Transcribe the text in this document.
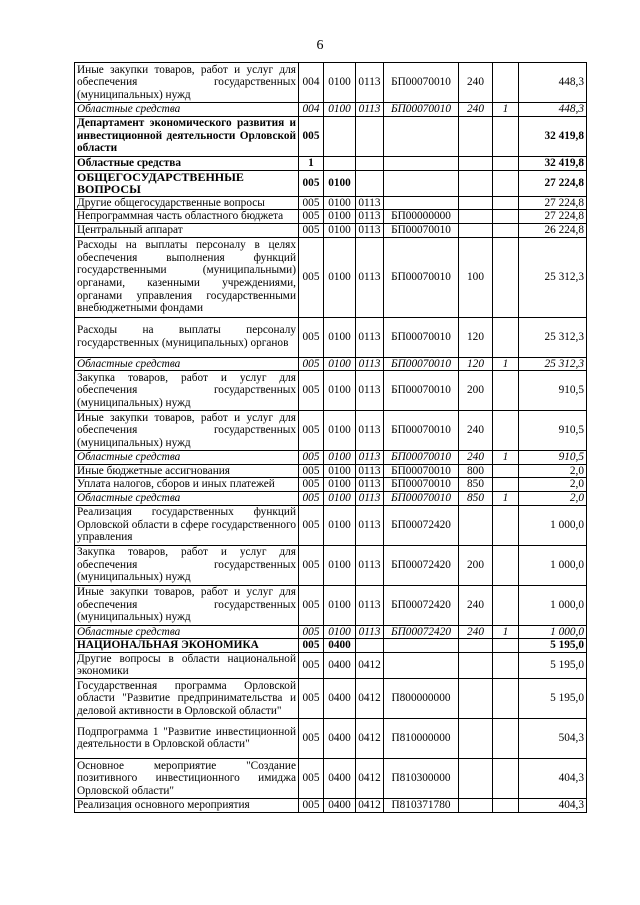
6
Иные закупки товаров, работ и услуг для обеспечения государственных (муниципальных) нужд	004	0100	0113	БП00070010	240		448,3
Областные средства	004	0100	0113	БП00070010	240	1	448,3
Департамент экономического развития и инвестиционной деятельности Орловской области	005						32 419,8
Областные средства	1						32 419,8
ОБЩЕГОСУДАРСТВЕННЫЕ ВОПРОСЫ	005	0100					27 224,8
Другие общегосударственные вопросы	005	0100	0113				27 224,8
Непрограммная часть областного бюджета	005	0100	0113	БП00000000			27 224,8
Центральный аппарат	005	0100	0113	БП00070010			26 224,8
Расходы на выплаты персоналу в целях обеспечения выполнения функций государственными (муниципальными) органами, казенными учреждениями, органами управления государственными внебюджетными фондами	005	0100	0113	БП00070010	100		25 312,3
Расходы на выплаты персоналу государственных (муниципальных) органов	005	0100	0113	БП00070010	120		25 312,3
Областные средства	005	0100	0113	БП00070010	120	1	25 312,3
Закупка товаров, работ и услуг для обеспечения государственных (муниципальных) нужд	005	0100	0113	БП00070010	200		910,5
Иные закупки товаров, работ и услуг для обеспечения государственных (муниципальных) нужд	005	0100	0113	БП00070010	240		910,5
Областные средства	005	0100	0113	БП00070010	240	1	910,5
Иные бюджетные ассигнования	005	0100	0113	БП00070010	800		2,0
Уплата налогов, сборов и иных платежей	005	0100	0113	БП00070010	850		2,0
Областные средства	005	0100	0113	БП00070010	850	1	2,0
Реализация государственных функций Орловской области в сфере государственного управления	005	0100	0113	БП00072420			1 000,0
Закупка товаров, работ и услуг для обеспечения государственных (муниципальных) нужд	005	0100	0113	БП00072420	200		1 000,0
Иные закупки товаров, работ и услуг для обеспечения государственных (муниципальных) нужд	005	0100	0113	БП00072420	240		1 000,0
Областные средства	005	0100	0113	БП00072420	240	1	1 000,0
НАЦИОНАЛЬНАЯ ЭКОНОМИКА	005	0400					5 195,0
Другие вопросы в области национальной экономики	005	0400	0412				5 195,0
Государственная программа Орловской области "Развитие предпринимательства и деловой активности в Орловской области"	005	0400	0412	П800000000			5 195,0
Подпрограмма 1 "Развитие инвестиционной деятельности в Орловской области"	005	0400	0412	П810000000			504,3
Основное мероприятие "Создание позитивного инвестиционного имиджа Орловской области"	005	0400	0412	П810300000			404,3
Реализация основного мероприятия	005	0400	0412	П810371780			404,3
